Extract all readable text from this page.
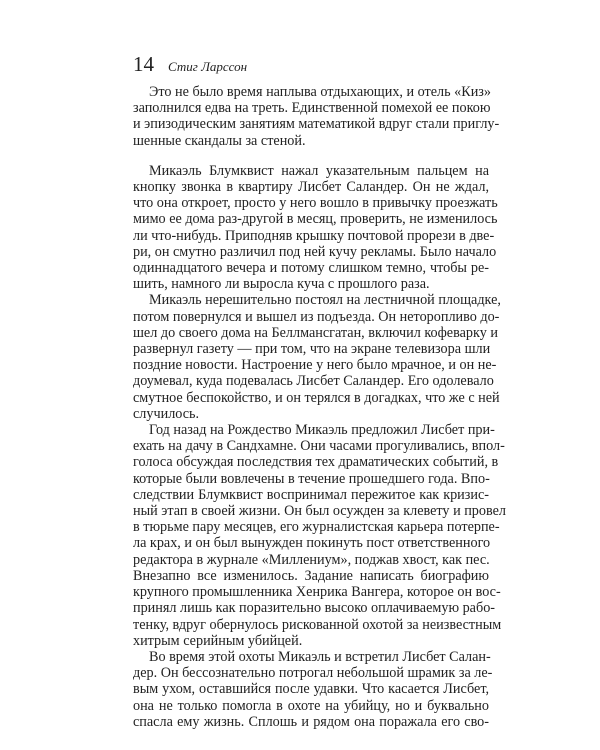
14 Стиг Ларссон
Это не было время наплыва отдыхающих, и отель «Киз»
заполнился едва на треть. Единственной помехой ее покою
и эпизодическим занятиям математикой вдруг стали приглу-
шенные скандалы за стеной.
Микаэль Блумквист нажал указательным пальцем на
кнопку звонка в квартиру Лисбет Саландер. Он не ждал,
что она откроет, просто у него вошло в привычку проезжать
мимо ее дома раз-другой в месяц, проверить, не изменилось
ли что-нибудь. Приподняв крышку почтовой прорези в две-
ри, он смутно различил под ней кучу рекламы. Было начало
одиннадцатого вечера и потому слишком темно, чтобы ре-
шить, намного ли выросла куча с прошлого раза.
Микаэль нерешительно постоял на лестничной площадке,
потом повернулся и вышел из подъезда. Он неторопливо до-
шел до своего дома на Беллмансгатан, включил кофеварку и
развернул газету — при том, что на экране телевизора шли
поздние новости. Настроение у него было мрачное, и он не-
доумевал, куда подевалась Лисбет Саландер. Его одолевало
смутное беспокойство, и он терялся в догадках, что же с ней
случилось.
Год назад на Рождество Микаэль предложил Лисбет при-
ехать на дачу в Сандхамне. Они часами прогуливались, впол-
голоса обсуждая последствия тех драматических событий, в
которые были вовлечены в течение прошедшего года. Впо-
следствии Блумквист воспринимал пережитое как кризис-
ный этап в своей жизни. Он был осужден за клевету и провел
в тюрьме пару месяцев, его журналистская карьера потерпе-
ла крах, и он был вынужден покинуть пост ответственного
редактора в журнале «Миллениум», поджав хвост, как пес.
Внезапно все изменилось. Задание написать биографию
крупного промышленника Хенрика Вангера, которое он вос-
принял лишь как поразительно высоко оплачиваемую рабо-
тенку, вдруг обернулось рискованной охотой за неизвестным
хитрым серийным убийцей.
Во время этой охоты Микаэль и встретил Лисбет Салан-
дер. Он бессознательно потрогал небольшой шрамик за ле-
вым ухом, оставшийся после удавки. Что касается Лисбет,
она не только помогла в охоте на убийцу, но и буквально
спасла ему жизнь. Сплошь и рядом она поражала его сво-
